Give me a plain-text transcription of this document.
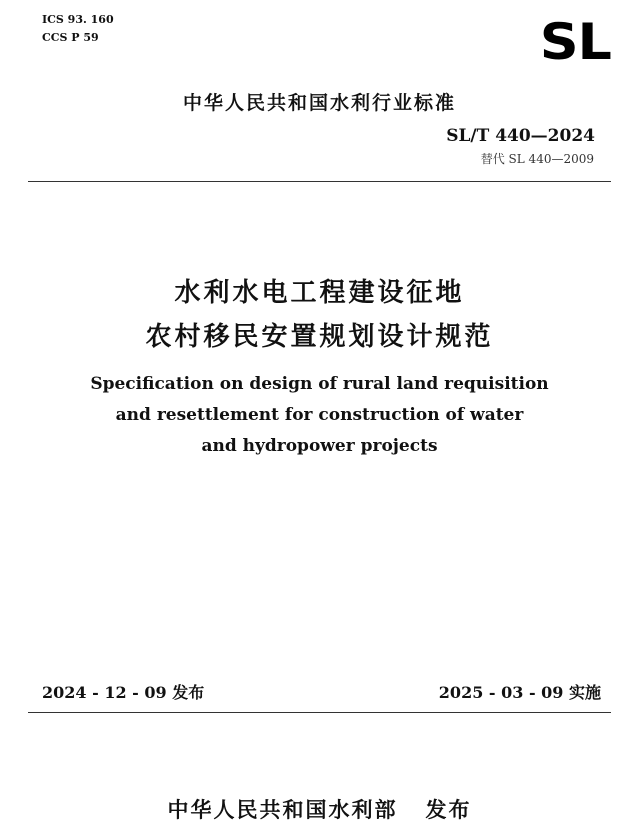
ICS 93. 160
CCS P 59	SL
中华人民共和国水利行业标准
SL/T 440—2024
替代 SL 440—2009
水利水电工程建设征地
农村移民安置规划设计规范
Specification on design of rural land requisition
and resettlement for construction of water
and hydropower projects
2024 - 12 - 09 发布	2025 - 03 - 09 实施
中华人民共和国水利部   发布
